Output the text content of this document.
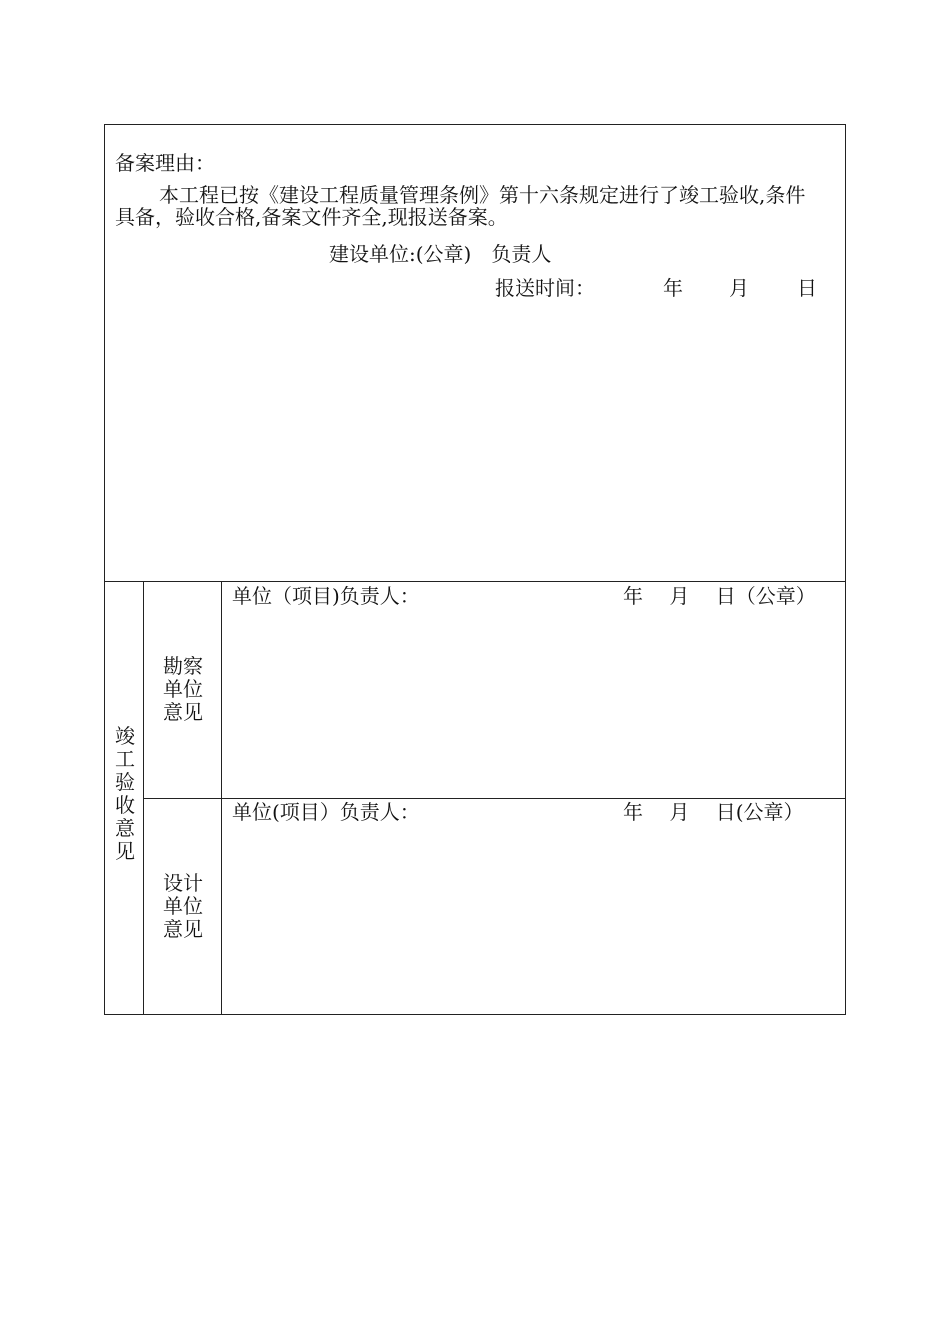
备案理由：
本工程已按《建设工程质量管理条例》第十六条规定进行了竣工验收,条件具备，验收合格,备案文件齐全,现报送备案。
建设单位:(公章)　负责人
报送时间：	年 月 日
竣
工
验
收
意
见
勘察
单位
意见
单位（项目)负责人：	年　 月　 日（公章）
设计
单位
意见
单位(项目）负责人：	年　 月　 日(公章）
